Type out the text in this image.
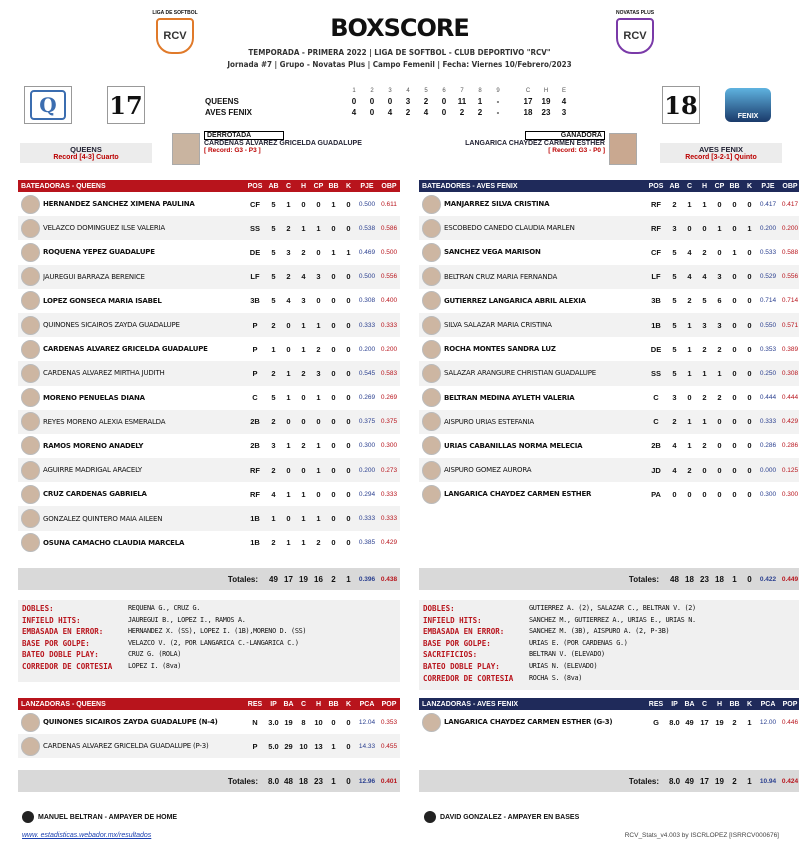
LIGA DE SOFTBOL
RCV
NOVATAS PLUS
RCV
BOXSCORE
TEMPORADA - PRIMERA 2022 | LIGA DE SOFTBOL - CLUB DEPORTIVO "RCV"
Jornada #7 | Grupo - Novatas Plus | Campo Femenil | Fecha: Viernes 10/Febrero/2023
Q	17	18	FENIX
1	2	3	4	5	6	7	8	9	C	H	E
QUEENS	0	0	0	3	2	0	11	1	-	17	19	4
AVES FENIX	4	0	4	2	4	0	2	2	-	18	23	3
QUEENS
Record [4-3] Cuarto
DERROTADA
CARDENAS ALVAREZ GRICELDA GUADALUPE
[ Record: G3 - P3 ]
GANADORA
LANGARICA CHAYDEZ CARMEN ESTHER
[ Record: G3 - P0 ]	AVES FENIX
Record [3-2-1] Quinto
BATEADORAS - QUEENS	POS AB	C	H	CP BB	K	PJE	OBP
HERNANDEZ SANCHEZ XIMENA PAULINA	CF	5	1	0	0	1	0	0.500 0.611
VELAZCO DOMINGUEZ ILSE VALERIA	SS	5	2	1	1	0	0	0.538 0.586
ROQUENA YEPEZ GUADALUPE	DE	5	3	2	0	1	1	0.469 0.500
JAUREGUI BARRAZA BERENICE	LF	5	2	4	3	0	0	0.500 0.556
LOPEZ GONSECA MARIA ISABEL	3B	5	4	3	0	0	0	0.308 0.400
QUIÑONES SICAIROS ZAYDA GUADALUPE	P	2	0	1	1	0	0	0.333 0.333
CARDENAS ALVAREZ GRICELDA GUADALUPE	P	1	0	1	2	0	0	0.200 0.200
CARDENAS ALVAREZ MIRTHA JUDITH	P	2	1	2	3	0	0	0.545 0.583
MORENO PEÑUELAS DIANA	C	5	1	0	1	0	0	0.269 0.269
REYES MORENO ALEXIA ESMERALDA	2B	2	0	0	0	0	0	0.375 0.375
RAMOS MORENO ANADELY	2B	3	1	2	1	0	0	0.300 0.300
AGUIRRE MADRIGAL ARACELY	RF	2	0	0	1	0	0	0.200 0.273
CRUZ CARDENAS GABRIELA	RF	4	1	1	0	0	0	0.294 0.333
GONZALEZ QUINTERO MAIA AILEEN	1B	1	0	1	1	0	0	0.333 0.333
OSUNA CAMACHO CLAUDIA MARCELA	1B	2	1	1	2	0	0	0.385 0.429
BATEADORES - AVES FENIX	POS AB	C	H	CP BB	K	PJE	OBP
MANJARREZ SILVA CRISTINA	RF	2	1	1	0	0	0	0.417 0.417
ESCOBEDO CAÑEDO CLAUDIA MARLEN	RF	3	0	0	1	0	1	0.200 0.200
SANCHEZ VEGA MARISON	CF	5	4	2	0	1	0	0.533 0.588
BELTRAN CRUZ MARIA FERNANDA	LF	5	4	4	3	0	0	0.529 0.556
GUTIERREZ LANGARICA ABRIL ALEXIA	3B	5	2	5	6	0	0	0.714 0.714
SILVA SALAZAR MARIA CRISTINA	1B	5	1	3	3	0	0	0.550 0.571
ROCHA MONTES SANDRA LUZ	DE	5	1	2	2	0	0	0.353 0.389
SALAZAR ARANGURE CHRISTIAN GUADALUPE	SS	5	1	1	1	0	0	0.250 0.308
BELTRAN MEDINA AYLETH VALERIA	C	3	0	2	2	0	0	0.444 0.444
AISPURO URIAS ESTEFANIA	C	2	1	1	0	0	0	0.333 0.429
URIAS CABANILLAS NORMA MELECIA	2B	4	1	2	0	0	0	0.286 0.286
AISPURO GOMEZ AURORA	JD	4	2	0	0	0	0	0.000 0.125
LANGARICA CHAYDEZ CARMEN ESTHER	PA	0	0	0	0	0	0	0.300 0.300
Totales:	49 17 19 16	2	1	0.396 0.438	Totales:	48 18 23 18	1	0	0.422 0.449
DOBLES:	REQUENA G., CRUZ G.
INFIELD HITS:	JAUREGUI B., LOPEZ I., RAMOS A.
EMBASADA EN ERROR:	HERNANDEZ X. (SS), LOPEZ I. (1B),MORENO D. (SS)
BASE POR GOLPE:	VELAZCO V. (2, POR LANGARICA C.-LANGARICA C.)
BATEO DOBLE PLAY:	CRUZ G. (ROLA)
CORREDOR DE CORTESIA	LOPEZ I. (8va)
DOBLES:	GUTIERREZ A. (2), SALAZAR C., BELTRAN V. (2)
INFIELD HITS:	SANCHEZ M., GUTIERREZ A., URIAS E., URIAS N.
EMBASADA EN ERROR:	SANCHEZ M. (3B), AISPURO A. (2, P-3B)
BASE POR GOLPE:	URIAS E. (POR CARDENAS G.)
SACRIFICIOS:	BELTRAN V. (ELEVADO)
BATEO DOBLE PLAY:	URIAS N. (ELEVADO)
CORREDOR DE CORTESIA	ROCHA S. (8va)
LANZADORAS - QUEENS	RES	IP BA	C	H	BB	K	PCA	POP
QUIÑONES SICAIROS ZAYDA GUADALUPE (N-4)	N	3.0 19	8	10	0	0	12.04 0.353
CARDENAS ALVAREZ GRICELDA GUADALUPE (P-3)	P	5.0 29 10 13	1	0	14.33 0.455
LANZADORAS - AVES FENIX	RES	IP BA	C	H	BB	K	PCA	POP
LANGARICA CHAYDEZ CARMEN ESTHER (G-3)	G	8.0 49 17 19	2	1	12.00 0.446
Totales: 8.0 48 18 23	1	0	12.96 0.401	Totales: 8.0 49 17 19	2	1	10.94 0.424
MANUEL BELTRAN - AMPAYER DE HOME	DAVID GONZALEZ - AMPAYER EN BASES
www. estadisticas.webador.mx/resultados	RCV_Stats_v4.003 by ISCRLOPEZ [ISRRCV000676]
